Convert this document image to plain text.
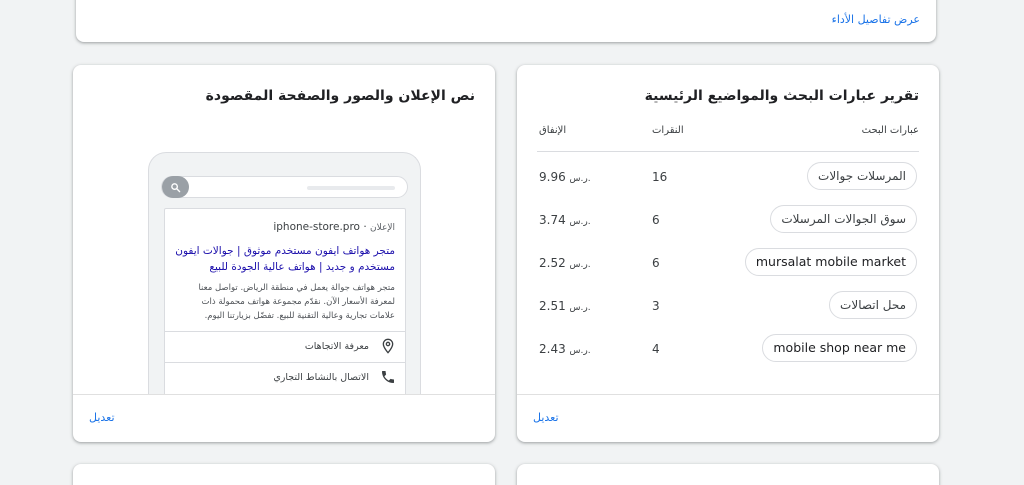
عرض تفاصيل الأداء
تقرير عبارات البحث والمواضيع الرئيسية
عبارات البحث
النقرات
الإنفاق
المرسلات جوالات
16
9.96 ر.س.
سوق الجوالات المرسلات
6
3.74 ر.س.
mursalat mobile market
6
2.52 ر.س.
محل اتصالات
3
2.51 ر.س.
mobile shop near me
4
2.43 ر.س.
تعديل
نص الإعلان والصور والصفحة المقصودة
الإعلان · iphone-store.pro
متجر هواتف ايفون مستخدم موثوق | جوالات ايفون مستخدم و جديد | هواتف عالية الجودة للبيع
متجر هواتف جوالة يعمل في منطقة الرياض. تواصل معنا لمعرفة الأسعار الآن. نقدّم مجموعة هواتف محمولة ذات علامات تجارية وعالية التقنية للبيع. تفضّل بزيارتنا اليوم.
معرفة الاتجاهات
الاتصال بالنشاط التجاري
تعديل
